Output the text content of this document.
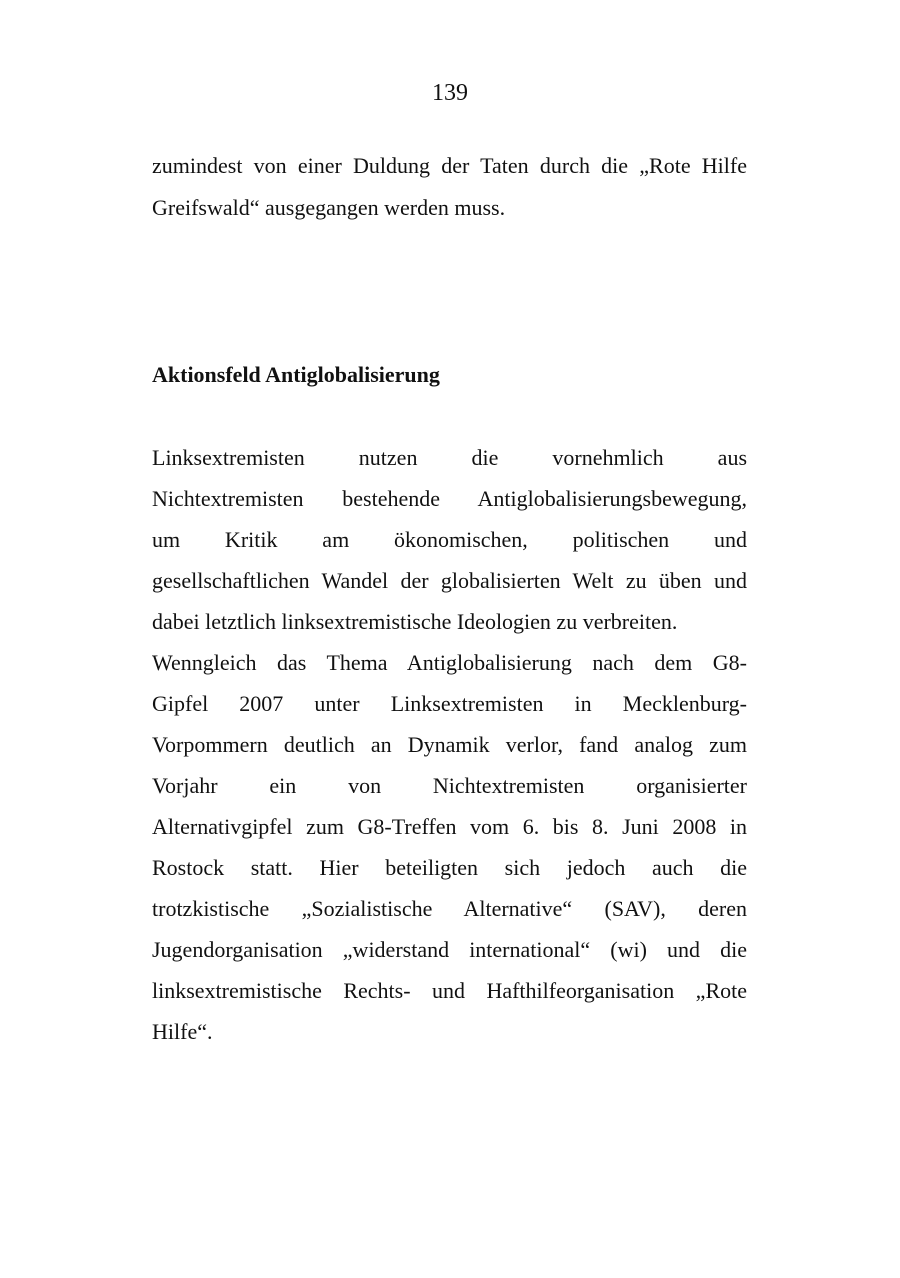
139
zumindest von einer Duldung der Taten durch die „Rote Hilfe
Greifswald“ ausgegangen werden muss.
Aktionsfeld Antiglobalisierung
Linksextremisten nutzen die vornehmlich aus
Nichtextremisten bestehende Antiglobalisierungsbewegung,
um Kritik am ökonomischen, politischen und
gesellschaftlichen Wandel der globalisierten Welt zu üben und
dabei letztlich linksextremistische Ideologien zu verbreiten.
Wenngleich das Thema Antiglobalisierung nach dem G8-
Gipfel 2007 unter Linksextremisten in Mecklenburg-
Vorpommern deutlich an Dynamik verlor, fand analog zum
Vorjahr ein von Nichtextremisten organisierter
Alternativgipfel zum G8-Treffen vom 6. bis 8. Juni 2008 in
Rostock statt. Hier beteiligten sich jedoch auch die
trotzkistische „Sozialistische Alternative“ (SAV), deren
Jugendorganisation „widerstand international“ (wi) und die
linksextremistische Rechts- und Hafthilfeorganisation „Rote
Hilfe“.
